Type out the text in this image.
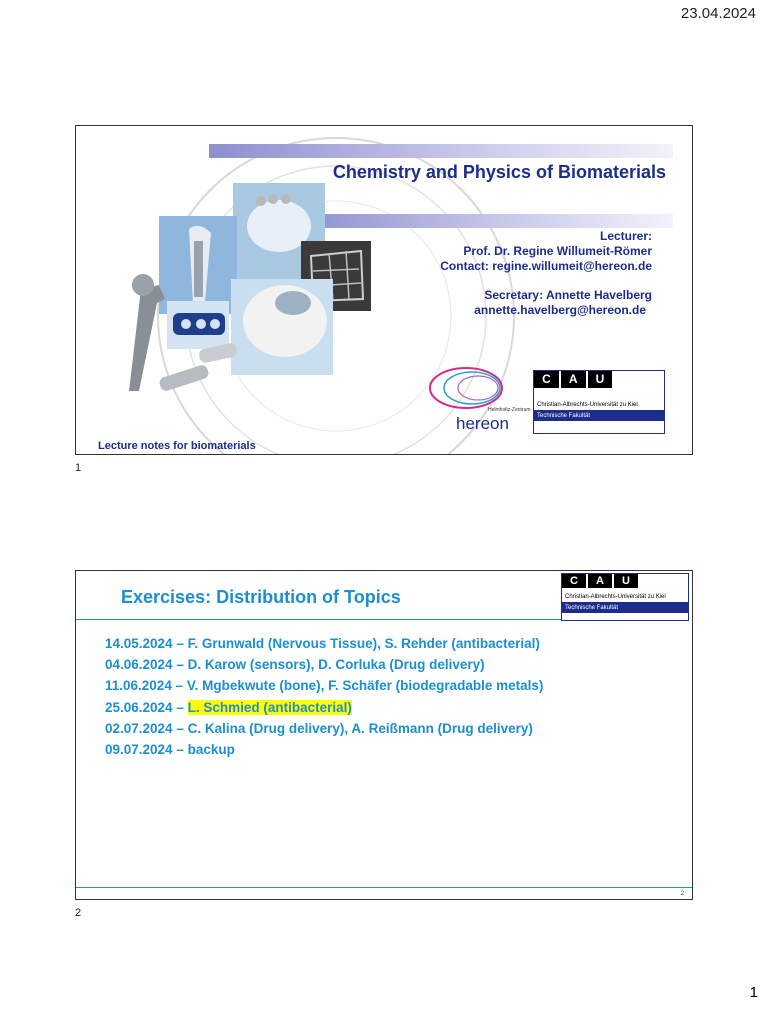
23.04.2024
Chemistry and Physics of Biomaterials
Lecturer:
Prof. Dr. Regine Willumeit-Römer
Contact: regine.willumeit@hereon.de
Secretary: Annette Havelberg
annette.havelberg@hereon.de
Helmholtz-Zentrum
hereon
C	A	U
Christian-Albrechts-Universität zu Kiel
Technische Fakultät
Lecture notes for biomaterials
1
Exercises: Distribution of Topics
C	A	U
Christian-Albrechts-Universität zu Kiel
Technische Fakultät
14.05.2024 – F. Grunwald (Nervous Tissue), S. Rehder (antibacterial)
04.06.2024 – D. Karow (sensors), D. Corluka (Drug delivery)
11.06.2024 – V. Mgbekwute (bone), F. Schäfer (biodegradable metals)
25.06.2024 – L. Schmied (antibacterial)
02.07.2024 – C. Kalina (Drug delivery), A. Reißmann (Drug delivery)
09.07.2024 – backup
2
2
1
